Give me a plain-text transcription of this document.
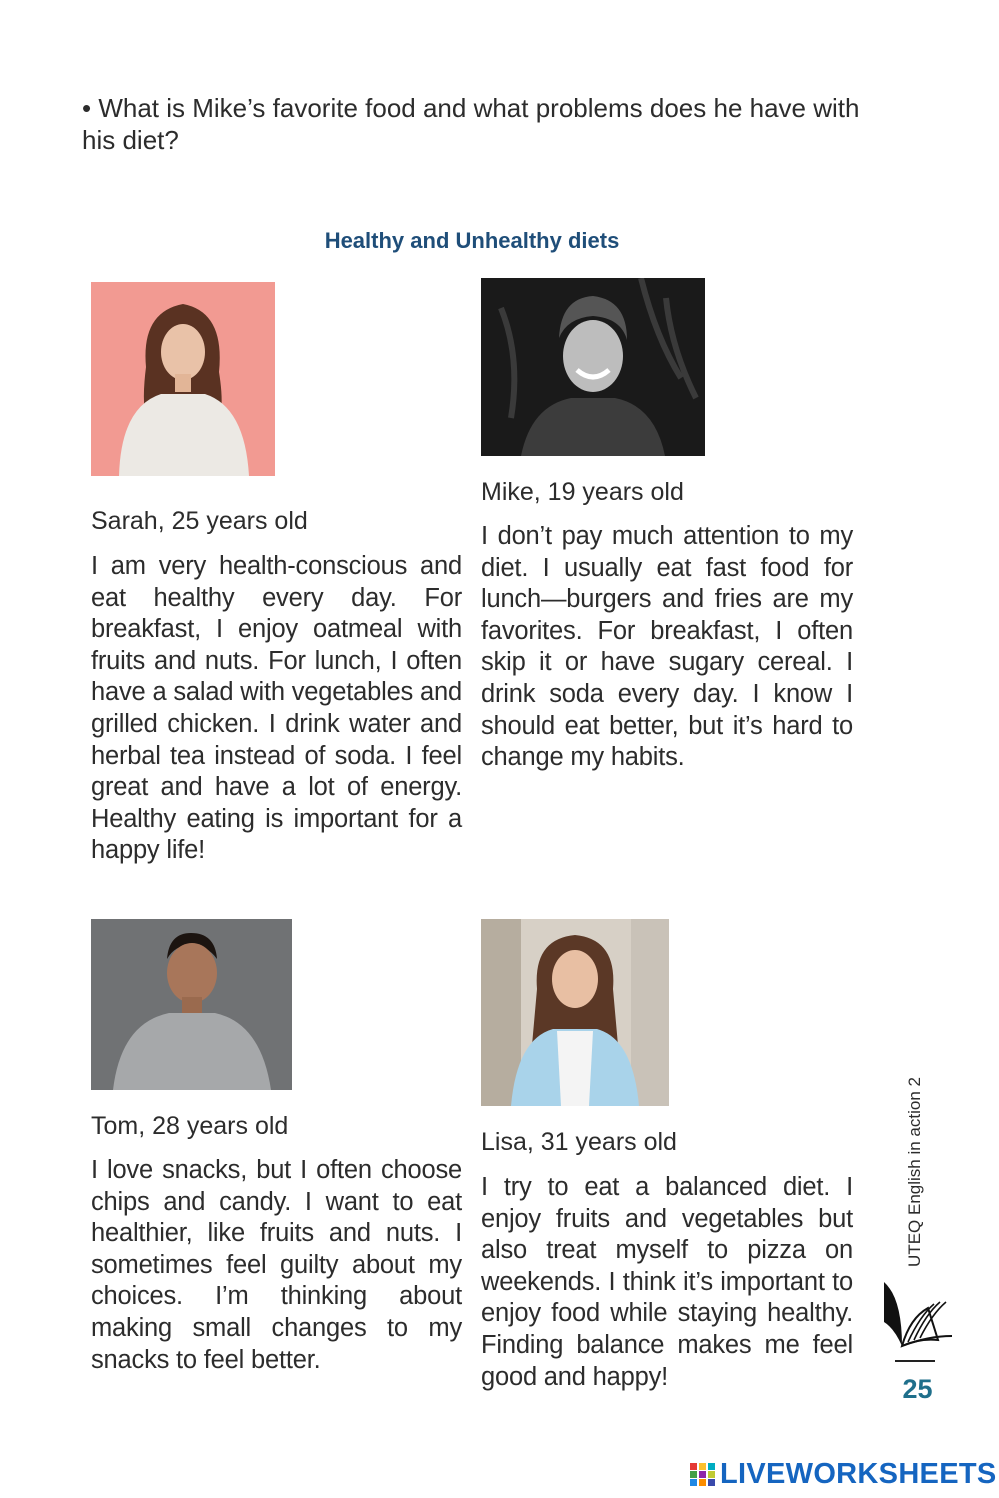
• What is Mike’s favorite food and what problems does he have with his diet?
Healthy and Unhealthy diets
Sarah, 25 years old
I am very health-conscious and eat healthy every day. For breakfast, I enjoy oatmeal with fruits and nuts. For lunch, I often have a salad with vegetables and grilled chicken. I drink water and herbal tea instead of soda. I feel great and have a lot of energy. Healthy eating is important for a happy life!
Mike, 19 years old
I don’t pay much attention to my diet. I usually eat fast food for lunch—burgers and fries are my favorites. For breakfast, I often skip it or have sugary cereal. I drink soda every day. I know I should eat better, but it’s hard to change my habits.
Tom, 28 years old
I love snacks, but I often choose chips and candy. I want to eat healthier, like fruits and nuts. I sometimes feel guilty about my choices. I’m thinking about making small changes to my snacks to feel better.
Lisa, 31 years old
I try to eat a balanced diet. I enjoy fruits and vegetables but also treat myself to pizza on weekends. I think it’s important to enjoy food while staying healthy. Finding balance makes me feel good and happy!
UTEQ English in action 2
25
LIVEWORKSHEETS
